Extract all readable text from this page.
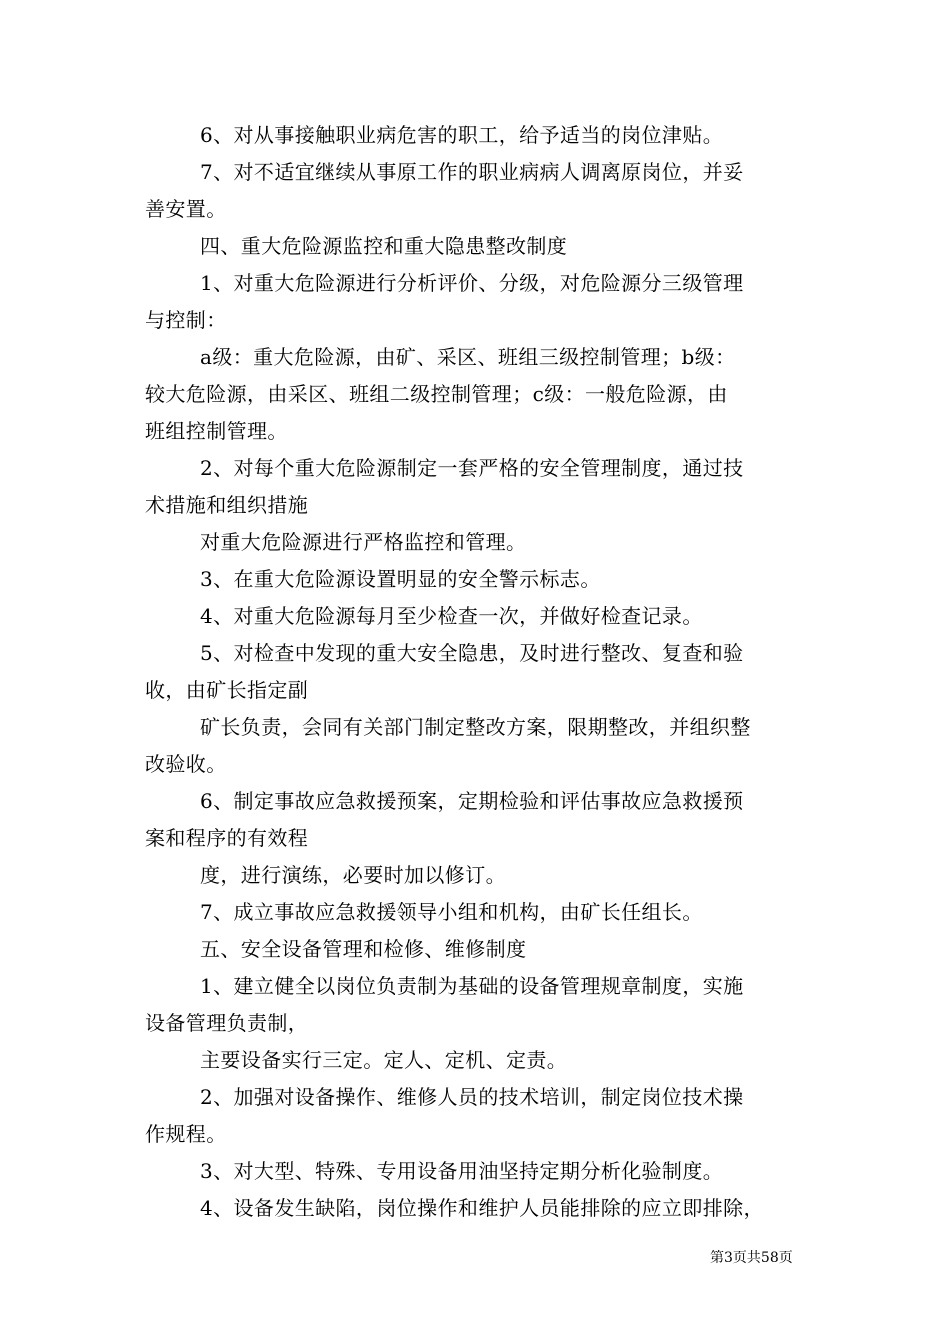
6、对从事接触职业病危害的职工，给予适当的岗位津贴。
7、对不适宜继续从事原工作的职业病病人调离原岗位，并妥
善安置。
四、重大危险源监控和重大隐患整改制度
1、对重大危险源进行分析评价、分级，对危险源分三级管理
与控制：
a级：重大危险源，由矿、采区、班组三级控制管理；b级：
较大危险源，由采区、班组二级控制管理；c级：一般危险源，由
班组控制管理。
2、对每个重大危险源制定一套严格的安全管理制度，通过技
术措施和组织措施
对重大危险源进行严格监控和管理。
3、在重大危险源设置明显的安全警示标志。
4、对重大危险源每月至少检查一次，并做好检查记录。
5、对检查中发现的重大安全隐患，及时进行整改、复查和验
收，由矿长指定副
矿长负责，会同有关部门制定整改方案，限期整改，并组织整
改验收。
6、制定事故应急救援预案，定期检验和评估事故应急救援预
案和程序的有效程
度，进行演练，必要时加以修订。
7、成立事故应急救援领导小组和机构，由矿长任组长。
五、安全设备管理和检修、维修制度
1、建立健全以岗位负责制为基础的设备管理规章制度，实施
设备管理负责制，
主要设备实行三定。定人、定机、定责。
2、加强对设备操作、维修人员的技术培训，制定岗位技术操
作规程。
3、对大型、特殊、专用设备用油坚持定期分析化验制度。
4、设备发生缺陷，岗位操作和维护人员能排除的应立即排除，
第3页共58页
